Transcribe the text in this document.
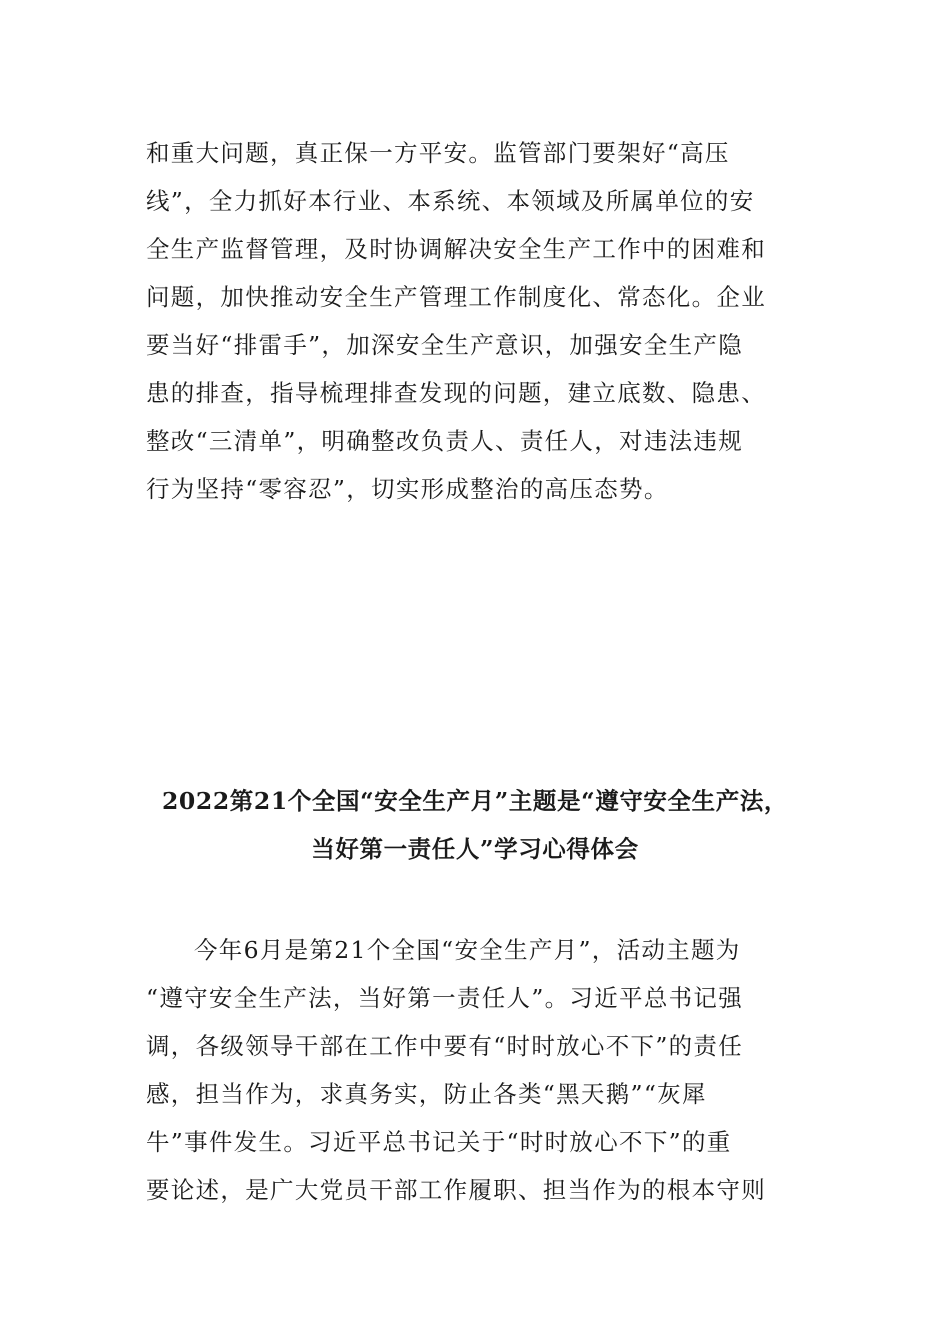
和重大问题，真正保一方平安。监管部门要架好“高压
线”，全力抓好本行业、本系统、本领域及所属单位的安
全生产监督管理，及时协调解决安全生产工作中的困难和
问题，加快推动安全生产管理工作制度化、常态化。企业
要当好“排雷手”，加深安全生产意识，加强安全生产隐
患的排查，指导梳理排查发现的问题，建立底数、隐患、
整改“三清单”，明确整改负责人、责任人，对违法违规
行为坚持“零容忍”，切实形成整治的高压态势。
2022第21个全国“安全生产月”主题是“遵守安全生产法，
当好第一责任人”学习心得体会
今年6月是第21个全国“安全生产月”，活动主题为
“遵守安全生产法，当好第一责任人”。习近平总书记强
调，各级领导干部在工作中要有“时时放心不下”的责任
感，担当作为，求真务实，防止各类“黑天鹅”“灰犀
牛”事件发生。习近平总书记关于“时时放心不下”的重
要论述，是广大党员干部工作履职、担当作为的根本守则
